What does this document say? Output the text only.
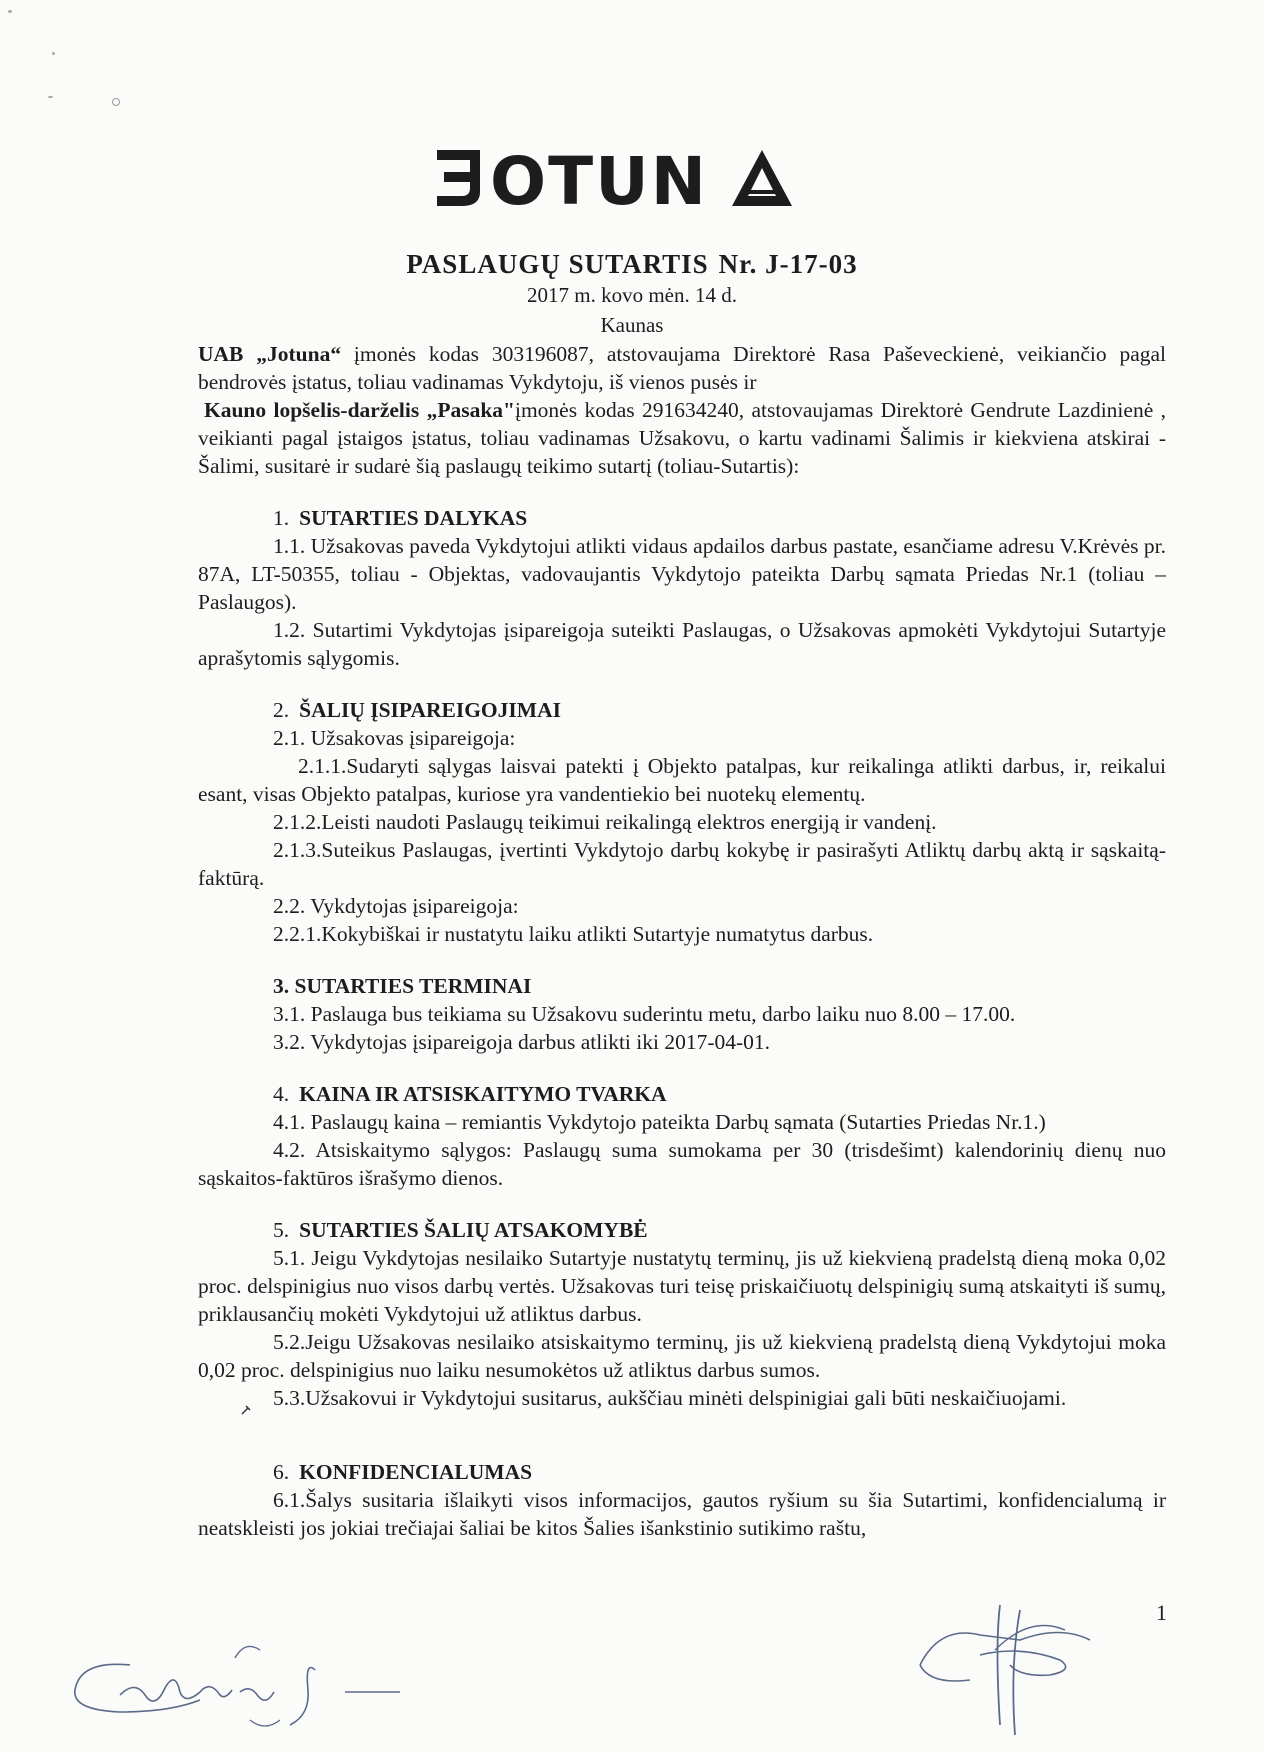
OTUN
PASLAUGŲ SUTARTIS Nr. J-17-03
2017 m. kovo mėn. 14 d.
Kaunas

UAB „Jotuna“ įmonės kodas 303196087, atstovaujama Direktorė Rasa Paševeckienė, veikiančio pagal bendrovės įstatus, toliau vadinamas Vykdytoju, iš vienos pusės ir
Kauno lopšelis-darželis „Pasaka"įmonės kodas 291634240, atstovaujamas Direktorė Gendrute Lazdinienė , veikianti pagal įstaigos įstatus, toliau vadinamas Užsakovu, o kartu vadinami Šalimis ir kiekviena atskirai - Šalimi, susitarė ir sudarė šią paslaugų teikimo sutartį (toliau-Sutartis):

1. SUTARTIES DALYKAS

1.1. Užsakovas paveda Vykdytojui atlikti vidaus apdailos darbus pastate, esančiame adresu V.Krėvės pr. 87A, LT-50355, toliau - Objektas, vadovaujantis Vykdytojo pateikta Darbų sąmata Priedas Nr.1 (toliau – Paslaugos).

1.2. Sutartimi Vykdytojas įsipareigoja suteikti Paslaugas, o Užsakovas apmokėti Vykdytojui Sutartyje aprašytomis sąlygomis.

2. ŠALIŲ ĮSIPAREIGOJIMAI

2.1. Užsakovas įsipareigoja:

2.1.1.Sudaryti sąlygas laisvai patekti į Objekto patalpas, kur reikalinga atlikti darbus, ir, reikalui esant, visas Objekto patalpas, kuriose yra vandentiekio bei nuotekų elementų.

2.1.2.Leisti naudoti Paslaugų teikimui reikalingą elektros energiją ir vandenį.

2.1.3.Suteikus Paslaugas, įvertinti Vykdytojo darbų kokybę ir pasirašyti Atliktų darbų aktą ir sąskaitą-faktūrą.

2.2. Vykdytojas įsipareigoja:

2.2.1.Kokybiškai ir nustatytu laiku atlikti Sutartyje numatytus darbus.

3. SUTARTIES TERMINAI

3.1. Paslauga bus teikiama su Užsakovu suderintu metu, darbo laiku nuo 8.00 – 17.00.

3.2. Vykdytojas įsipareigoja darbus atlikti iki 2017-04-01.

4. KAINA IR ATSISKAITYMO TVARKA

4.1. Paslaugų kaina – remiantis Vykdytojo pateikta Darbų sąmata (Sutarties Priedas Nr.1.)

4.2. Atsiskaitymo sąlygos: Paslaugų suma sumokama per 30 (trisdešimt) kalendorinių dienų nuo sąskaitos-faktūros išrašymo dienos.

5. SUTARTIES ŠALIŲ ATSAKOMYBĖ

5.1. Jeigu Vykdytojas nesilaiko Sutartyje nustatytų terminų, jis už kiekvieną pradelstą dieną moka 0,02 proc. delspinigius nuo visos darbų vertės. Užsakovas turi teisę priskaičiuotų delspinigių sumą atskaityti iš sumų, priklausančių mokėti Vykdytojui už atliktus darbus.

5.2.Jeigu Užsakovas nesilaiko atsiskaitymo terminų, jis už kiekvieną pradelstą dieną Vykdytojui moka 0,02 proc. delspinigius nuo laiku nesumokėtos už atliktus darbus sumos.

5.3.Užsakovui ir Vykdytojui susitarus, aukščiau minėti delspinigiai gali būti neskaičiuojami.

6. KONFIDENCIALUMAS

6.1.Šalys susitaria išlaikyti visos informacijos, gautos ryšium su šia Sutartimi, konfidencialumą ir neatskleisti jos jokiai trečiajai šaliai be kitos Šalies išankstinio sutikimo raštu,

1
